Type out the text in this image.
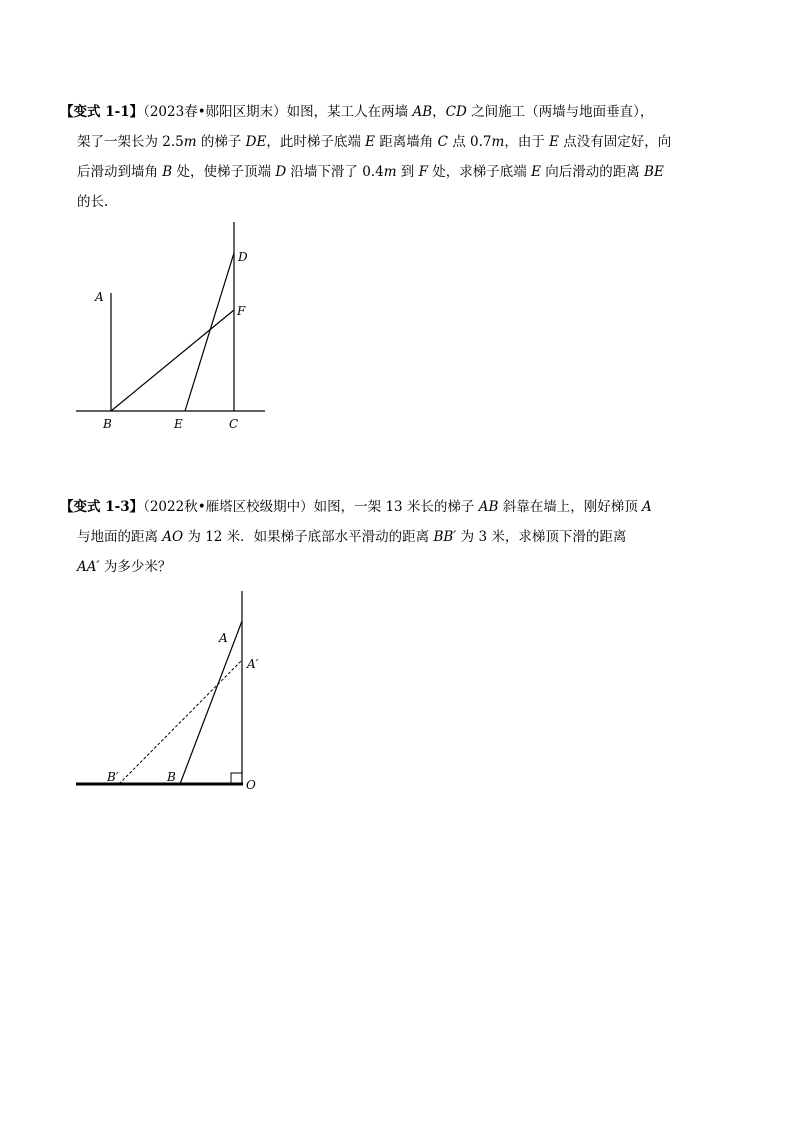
【变式 1-1】（2023春•郧阳区期末）如图，某工人在两墙 AB，CD 之间施工（两墙与地面垂直），
架了一架长为 2.5m 的梯子 DE，此时梯子底端 E 距离墙角 C 点 0.7m，由于 E 点没有固定好，向
后滑动到墙角 B 处，使梯子顶端 D 沿墙下滑了 0.4m 到 F 处，求梯子底端 E 向后滑动的距离 BE
的长.
A
B	E	C
D
F
【变式 1-3】（2022秋•雁塔区校级期中）如图，一架 13 米长的梯子 AB 斜靠在墙上，刚好梯顶 A
与地面的距离 AO 为 12 米．如果梯子底部水平滑动的距离 BB′ 为 3 米，求梯顶下滑的距离
AA′ 为多少米？
A
A′
B′	B
O
